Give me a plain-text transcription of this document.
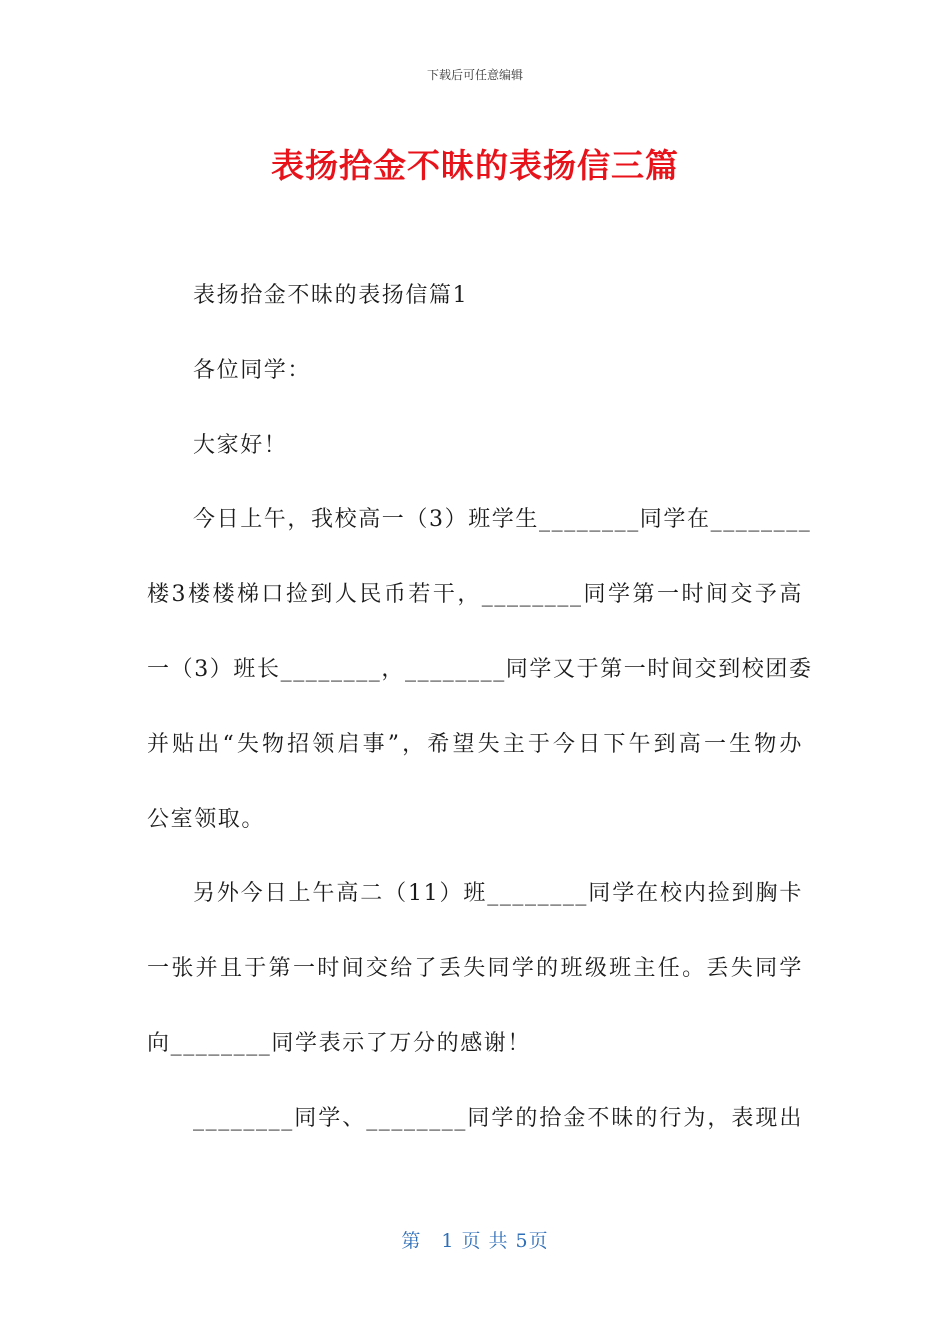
下载后可任意编辑
表扬拾金不昧的表扬信三篇
表扬拾金不昧的表扬信篇1
各位同学：
大家好！
今日上午，我校高一（3）班学生________同学在________
楼3楼楼梯口捡到人民币若干，________同学第一时间交予高
一（3）班长________，________同学又于第一时间交到校团委
并贴出“失物招领启事”，希望失主于今日下午到高一生物办
公室领取。
另外今日上午高二（11）班________同学在校内捡到胸卡
一张并且于第一时间交给了丢失同学的班级班主任。丢失同学
向________同学表示了万分的感谢！
________同学、________同学的拾金不昧的行为，表现出
第　1 页 共 5页
